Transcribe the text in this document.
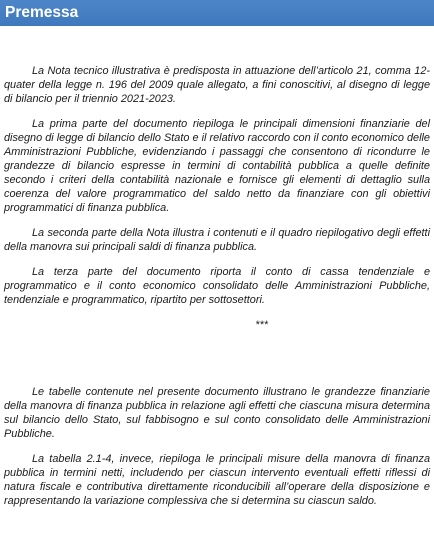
Premessa

La Nota tecnico illustrativa è predisposta in attuazione dell’articolo 21, comma 12-quater della legge n. 196 del 2009 quale allegato, a fini conoscitivi, al disegno di legge di bilancio per il triennio 2021-2023.

La prima parte del documento riepiloga le principali dimensioni finanziarie del disegno di legge di bilancio dello Stato e il relativo raccordo con il conto economico delle Amministrazioni Pubbliche, evidenziando i passaggi che consentono di ricondurre le grandezze di bilancio espresse in termini di contabilità pubblica a quelle definite secondo i criteri della contabilità nazionale e fornisce gli elementi di dettaglio sulla coerenza del valore programmatico del saldo netto da finanziare con gli obiettivi programmatici di finanza pubblica.

La seconda parte della Nota illustra i contenuti e il quadro riepilogativo degli effetti della manovra sui principali saldi di finanza pubblica.

La terza parte del documento riporta il conto di cassa tendenziale e programmatico e il conto economico consolidato delle Amministrazioni Pubbliche, tendenziale e programmatico, ripartito per sottosettori.

***

Le tabelle contenute nel presente documento illustrano le grandezze finanziarie della manovra di finanza pubblica in relazione agli effetti che ciascuna misura determina sul bilancio dello Stato, sul fabbisogno e sul conto consolidato delle Amministrazioni Pubbliche.

La tabella 2.1-4, invece, riepiloga le principali misure della manovra di finanza pubblica in termini netti, includendo per ciascun intervento eventuali effetti riflessi di natura fiscale e contributiva direttamente riconducibili all’operare della disposizione e rappresentando la variazione complessiva che si determina su ciascun saldo.
